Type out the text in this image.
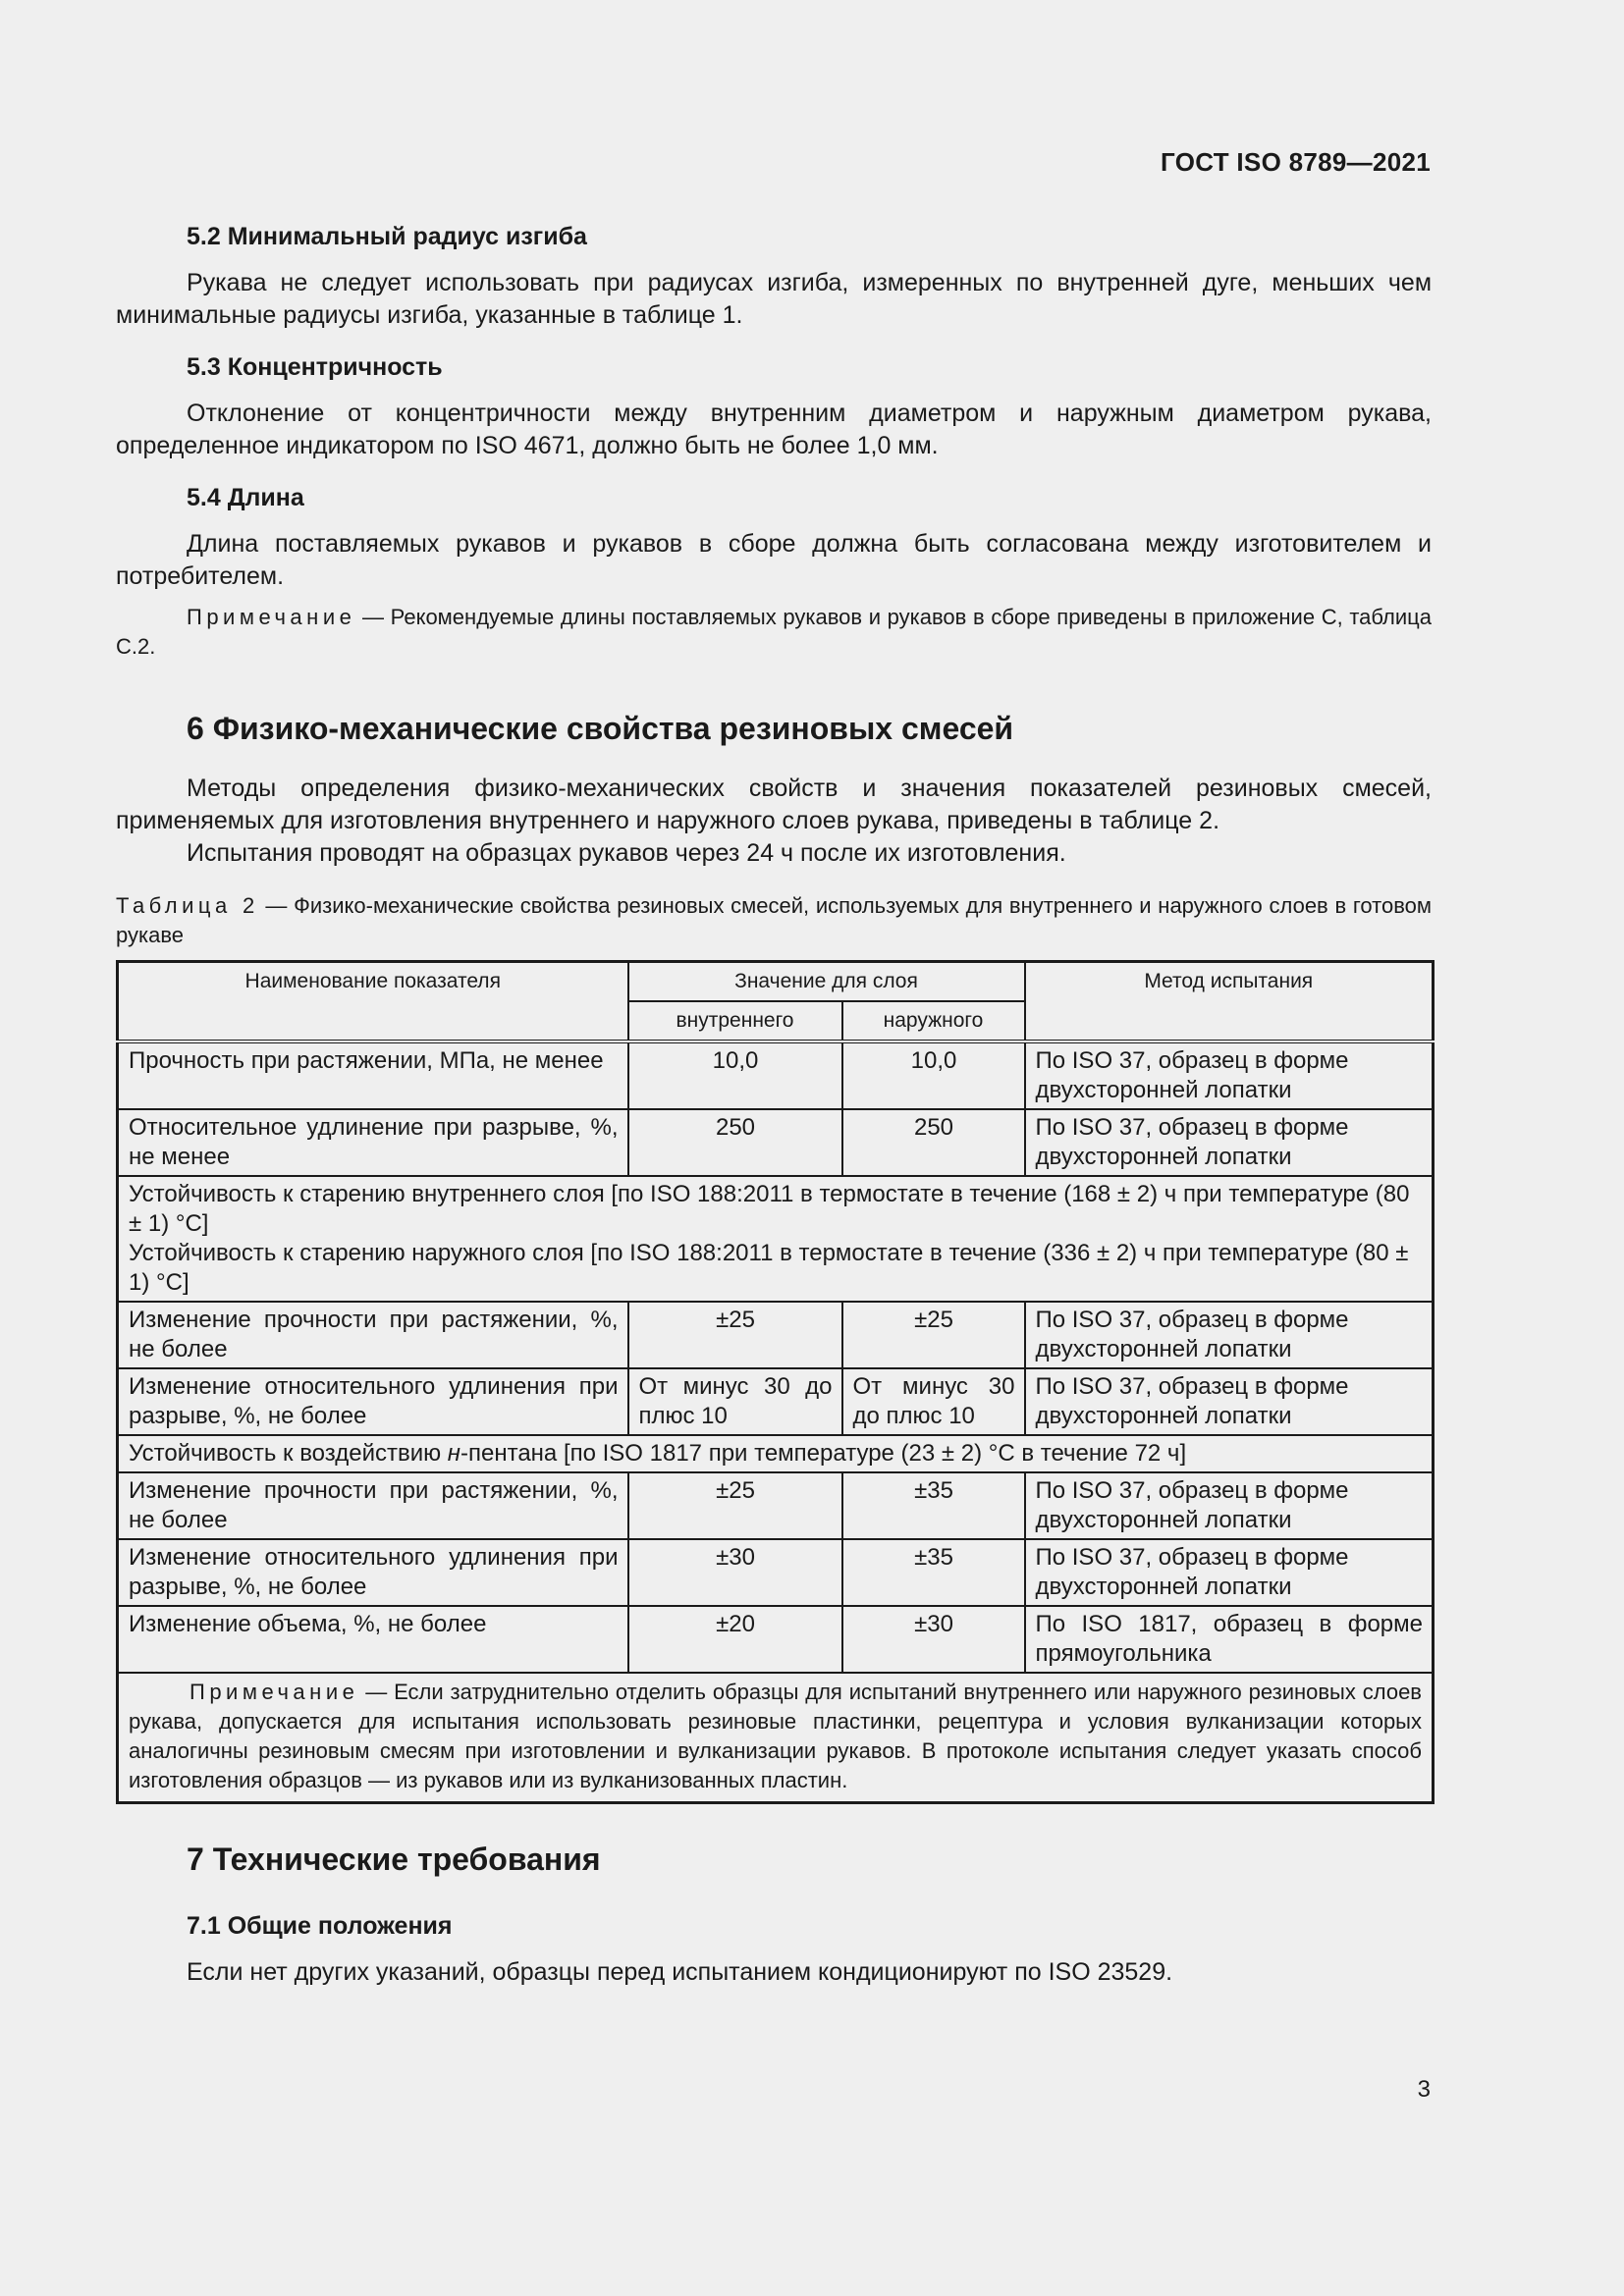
ГОСТ ISO 8789—2021
5.2 Минимальный радиус изгиба

Рукава не следует использовать при радиусах изгиба, измеренных по внутренней дуге, меньших чем минимальные радиусы изгиба, указанные в таблице 1.

5.3 Концентричность

Отклонение от концентричности между внутренним диаметром и наружным диаметром рукава, определенное индикатором по ISO 4671, должно быть не более 1,0 мм.

5.4 Длина

Длина поставляемых рукавов и рукавов в сборе должна быть согласована между изготовителем и потребителем.

Примечание — Рекомендуемые длины поставляемых рукавов и рукавов в сборе приведены в приложение С, таблица С.2.

6 Физико-механические свойства резиновых смесей

Методы определения физико-механических свойств и значения показателей резиновых смесей, применяемых для изготовления внутреннего и наружного слоев рукава, приведены в таблице 2.

Испытания проводят на образцах рукавов через 24 ч после их изготовления.

Таблица 2 — Физико-механические свойства резиновых смесей, используемых для внутреннего и наружного слоев в готовом рукаве

Наименование показателя	Значение для слоя		Метод испытания
	внутреннего	наружного	
Прочность при растяжении, МПа, не менее	10,0	10,0	По ISO 37, образец в форме двухсторонней лопатки
Относительное удлинение при разрыве, %, не менее	250	250	По ISO 37, образец в форме двухсторонней лопатки

Устойчивость к старению внутреннего слоя [по ISO 188:2011 в термостате в течение (168 ± 2) ч при температуре (80 ± 1) °С]
Устойчивость к старению наружного слоя [по ISO 188:2011 в термостате в течение (336 ± 2) ч при температуре (80 ± 1) °С]			

Изменение прочности при растяжении, %, не более	±25	±25	По ISO 37, образец в форме двухсторонней лопатки
Изменение относительного удлинения при разрыве, %, не более	От минус 30 до плюс 10	От минус 30 до плюс 10	По ISO 37, образец в форме двухсторонней лопатки
Устойчивость к воздействию н-пентана [по ISO 1817 при температуре (23 ± 2) °С в течение 72 ч]			
Изменение прочности при растяжении, %, не более	±25	±35	По ISO 37, образец в форме двухсторонней лопатки
Изменение относительного удлинения при разрыве, %, не более	±30	±35	По ISO 37, образец в форме двухсторонней лопатки
Изменение объема, %, не более	±20	±30	По ISO 1817, образец в форме прямоугольника
Примечание — Если затруднительно отделить образцы для испытаний внутреннего или наружного резиновых слоев рукава, допускается для испытания использовать резиновые пластинки, рецептура и условия вулканизации которых аналогичны резиновым смесям при изготовлении и вулканизации рукавов. В протоколе испытания следует указать способ изготовления образцов — из рукавов или из вулканизованных пластин.			
7 Технические требования
7.1 Общие положения

Если нет других указаний, образцы перед испытанием кондиционируют по ISO 23529.

3
